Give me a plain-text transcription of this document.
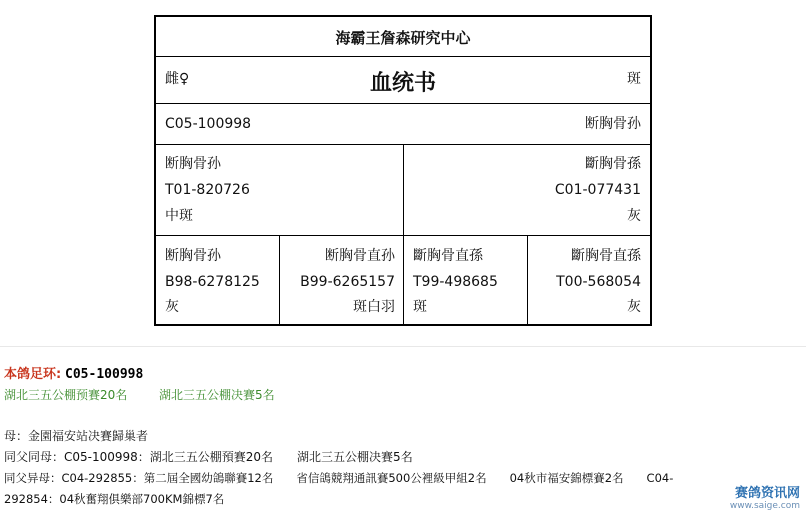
海霸王詹森研究中心
雌♀	血统书	斑
C05-100998	断胸骨孙
断胸骨孙
T01-820726
中斑
斷胸骨孫
C01-077431
灰
断胸骨孙
B98-6278125
灰
断胸骨直孙
B99-6265157
斑白羽
斷胸骨直孫
T99-498685
斑
斷胸骨直孫
T00-568054
灰
本鸽足环: C05-100998
湖北三五公棚预賽20名	湖北三五公棚决賽5名
母：金園福安站决賽歸巢者
同父同母：C05-100998：湖北三五公棚預賽20名　　湖北三五公棚决賽5名
同父异母：C04-292855：第二屆全國幼鴿聯賽12名　　省信鴿競翔通訊賽500公裡級甲組2名　　04秋市福安錦標賽2名　　C04-
292854：04秋奮翔俱樂部700KM錦標7名	赛鸽资讯网
www.saige.com
